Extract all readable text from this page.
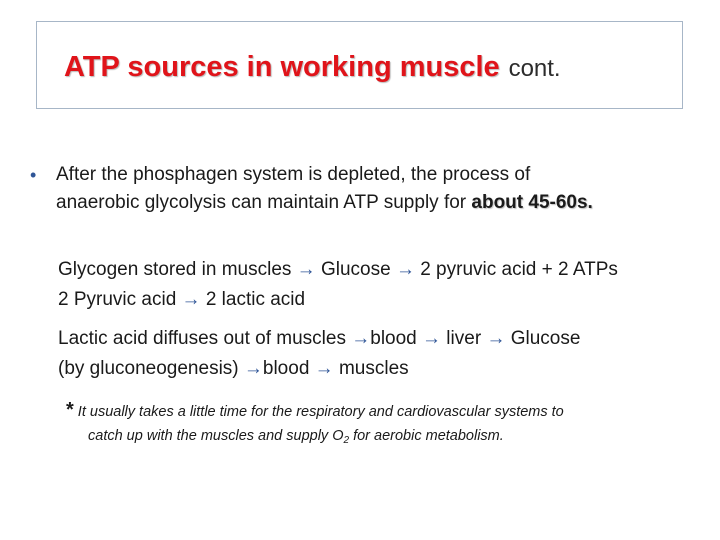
ATP sources in working muscle cont.
• After the phosphagen system is depleted, the process of
anaerobic glycolysis can maintain ATP supply for about 45-60s.
Glycogen stored in muscles → Glucose → 2 pyruvic acid + 2 ATPs
2 Pyruvic acid → 2 lactic acid
Lactic acid diffuses out of muscles →blood → liver → Glucose
(by gluconeogenesis) →blood → muscles
* It usually takes a little time for the respiratory and cardiovascular systems to
catch up with the muscles and supply $O_2$ for aerobic metabolism.
